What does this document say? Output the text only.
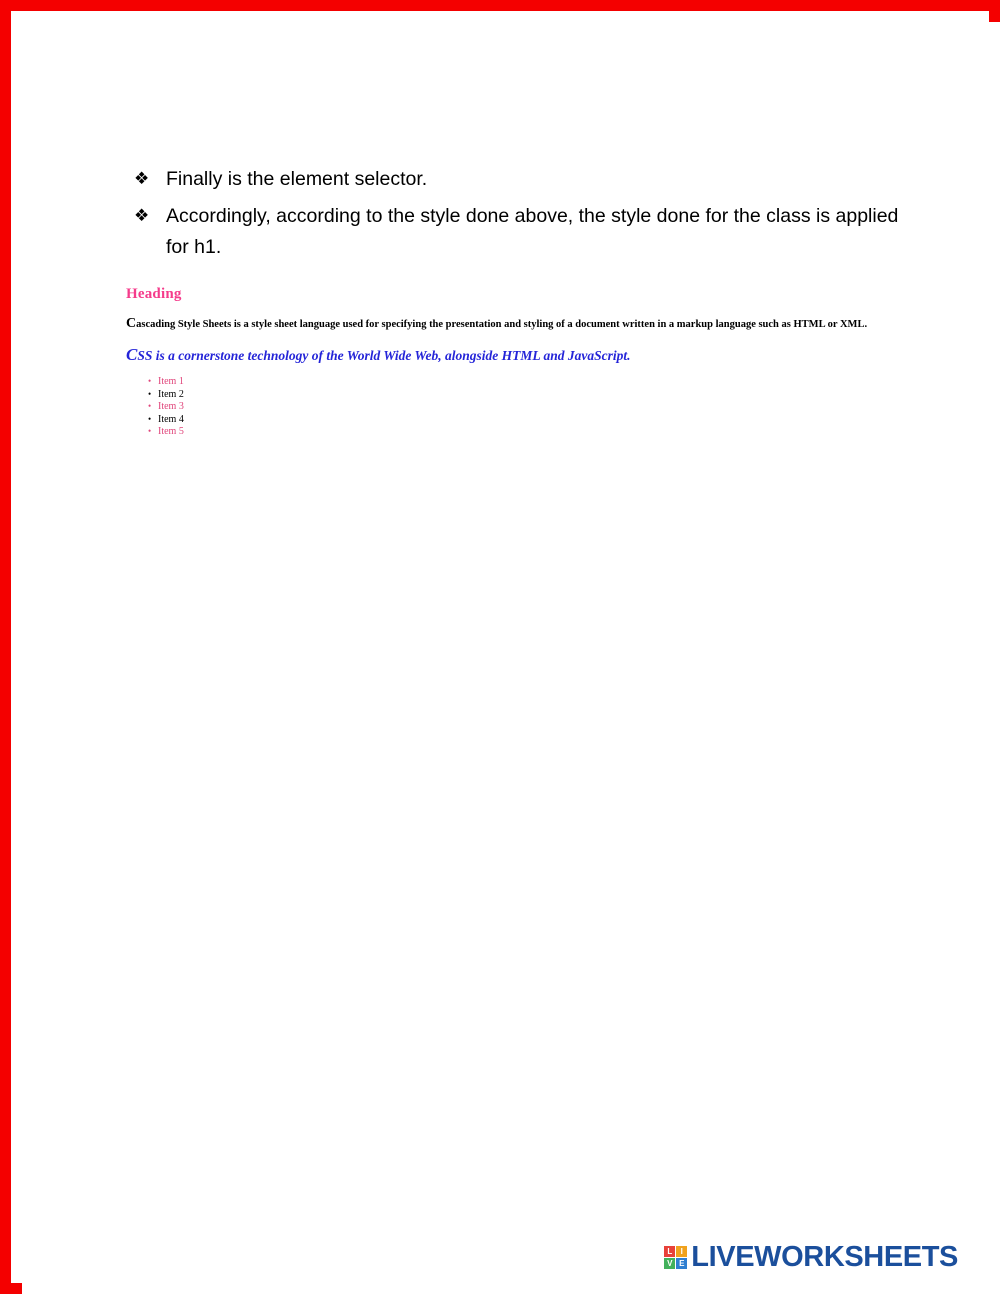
❖ Finally is the element selector.
❖ Accordingly, according to the style done above, the style done for the class is applied for h1.
Heading

Cascading Style Sheets is a style sheet language used for specifying the presentation and styling of a document written in a markup language such as HTML or XML.

CSS is a cornerstone technology of the World Wide Web, alongside HTML and JavaScript.

• Item 1
• Item 2
• Item 3
• Item 4
• Item 5
L	I
V E LIVEWORKSHEETS
